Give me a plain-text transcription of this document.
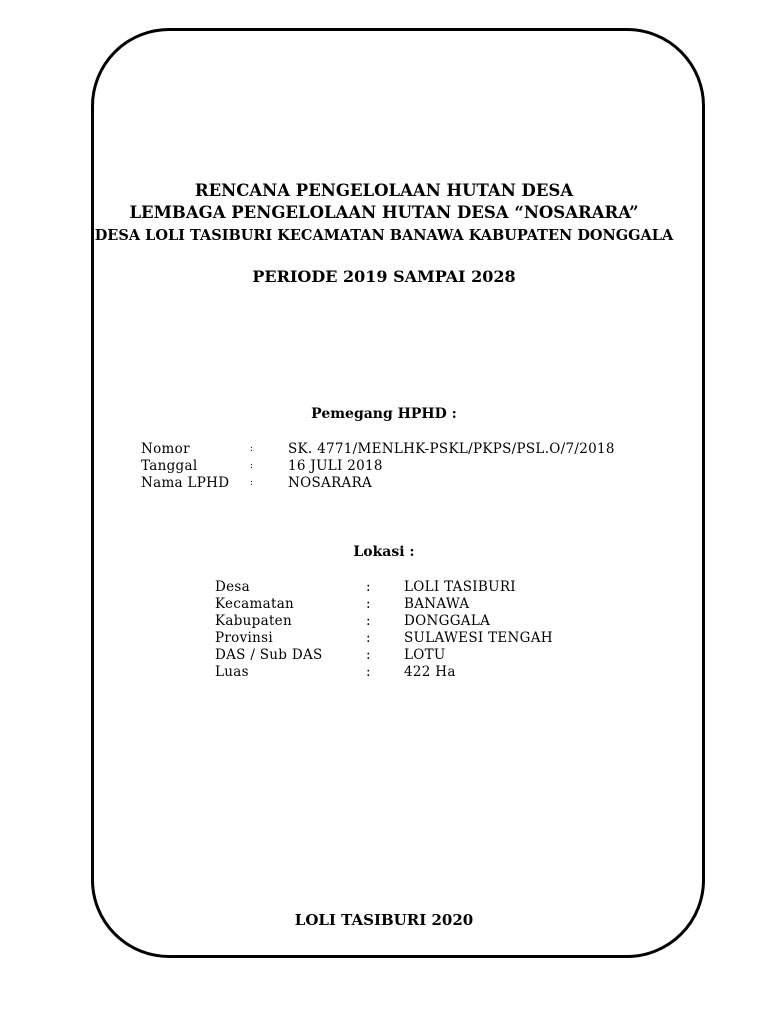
RENCANA PENGELOLAAN HUTAN DESA
LEMBAGA PENGELOLAAN HUTAN DESA “NOSARARA”
DESA LOLI TASIBURI KECAMATAN BANAWA KABUPATEN DONGGALA
PERIODE 2019 SAMPAI 2028
Pemegang HPHD :
Nomor	:	SK. 4771/MENLHK-PSKL/PKPS/PSL.O/7/2018
Tanggal	:	16 JULI 2018
Nama LPHD :	NOSARARA
Lokasi :
Desa	: LOLI TASIBURI
Kecamatan	: BANAWA
Kabupaten	: DONGGALA
Provinsi	: SULAWESI TENGAH
DAS / Sub DAS	: LOTU
Luas	: 422 Ha
LOLI TASIBURI 2020
